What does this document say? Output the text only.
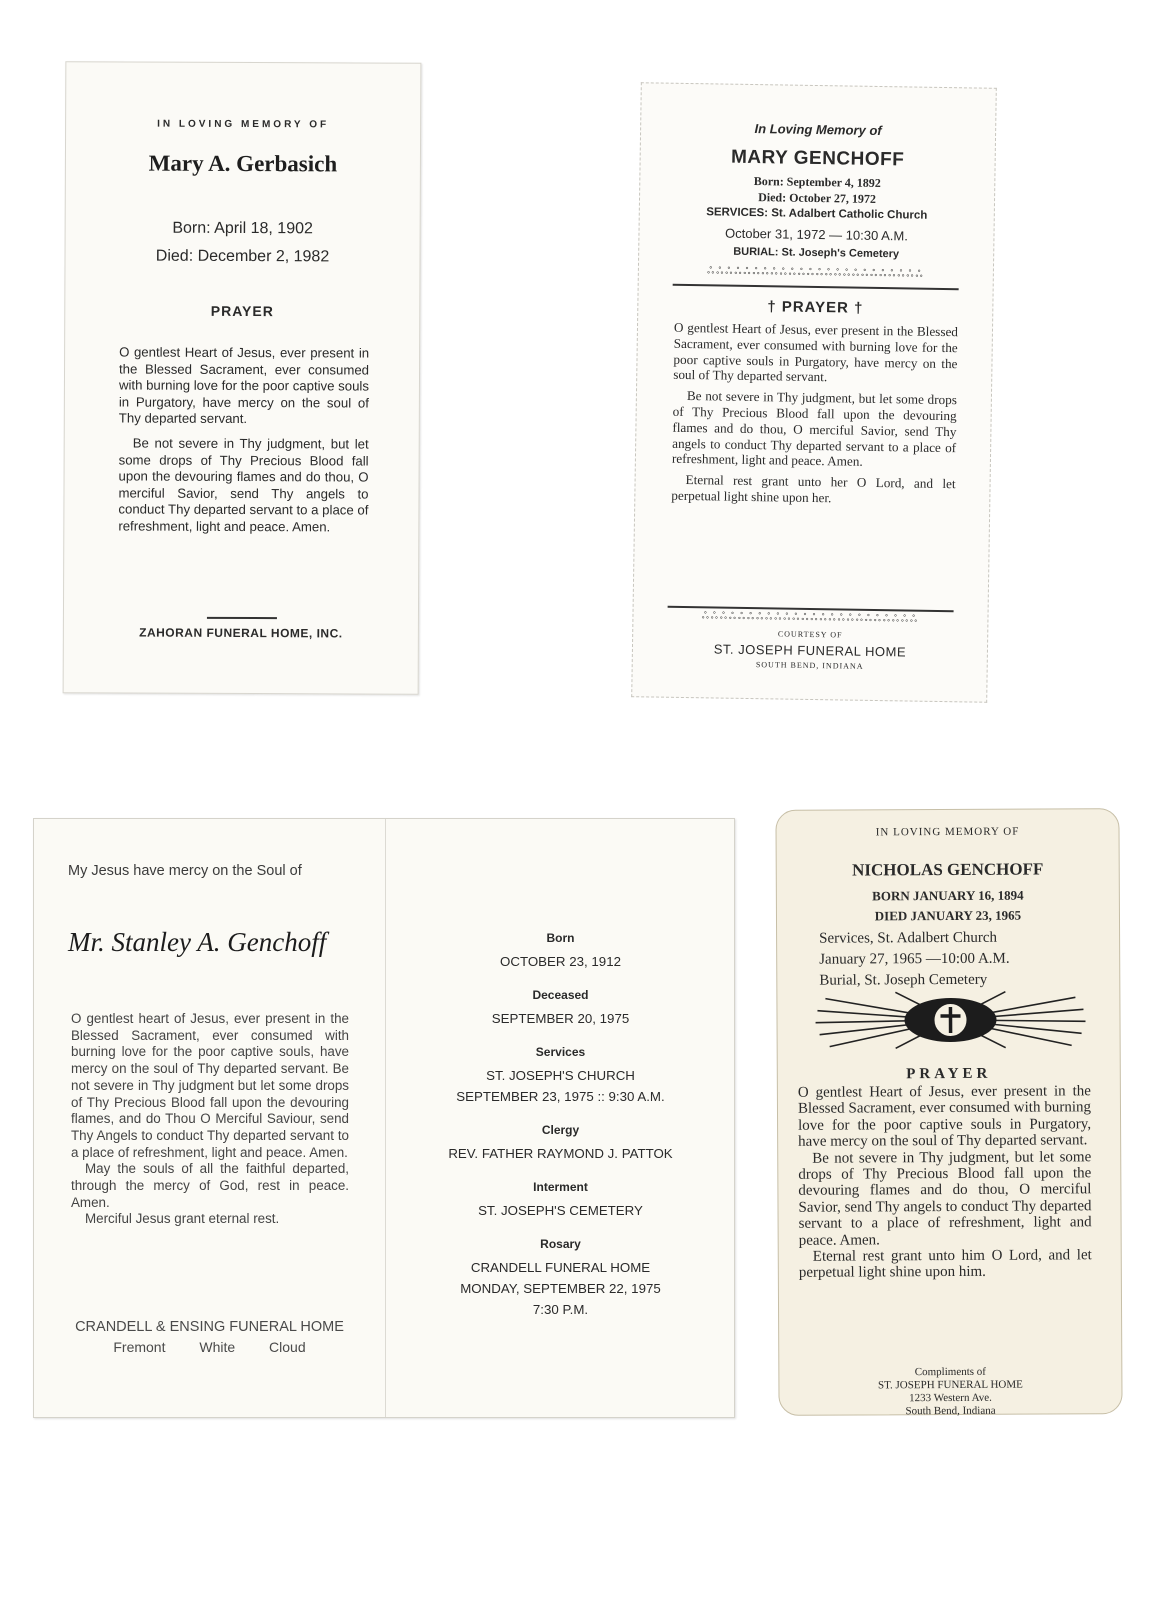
IN LOVING MEMORY OF
Mary A. Gerbasich
Born: April 18, 1902
Died: December 2, 1982
PRAYER

O gentlest Heart of Jesus, ever present in the Blessed Sacrament, ever consumed with burning love for the poor captive souls in Purgatory, have mercy on the soul of Thy departed servant.

Be not severe in Thy judgment, but let some drops of Thy Precious Blood fall upon the devouring flames and do thou, O merciful Savior, send Thy angels to conduct Thy departed servant to a place of refreshment, light and peace. Amen.

ZAHORAN FUNERAL HOME, INC.
In Loving Memory of
MARY GENCHOFF
Born: September 4, 1892
Died: October 27, 1972
SERVICES: St. Adalbert Catholic Church
October 31, 1972 — 10:30 A.M.
BURIAL: St. Joseph's Cemetery
ஃஃஃஃஃஃஃஃஃஃஃஃஃஃஃஃஃஃஃஃஃஃஃஃ
† PRAYER †

O gentlest Heart of Jesus, ever present in the Blessed Sacrament, ever consumed with burning love for the poor captive souls in Purgatory, have mercy on the soul of Thy departed servant.

Be not severe in Thy judgment, but let some drops of Thy Precious Blood fall upon the devouring flames and do thou, O merciful Savior, send Thy angels to conduct Thy departed servant to a place of refreshment, light and peace. Amen.

Eternal rest grant unto her O Lord, and let perpetual light shine upon her.

ஃஃஃஃஃஃஃஃஃஃஃஃஃஃஃஃஃஃஃஃஃஃஃஃ
COURTESY OF
ST. JOSEPH FUNERAL HOME
SOUTH BEND, INDIANA
My Jesus have mercy on the Soul of
Mr. Stanley A. Genchoff

O gentlest heart of Jesus, ever present in the Blessed Sacrament, ever consumed with burning love for the poor captive souls, have mercy on the soul of Thy departed servant. Be not severe in Thy judgment but let some drops of Thy Precious Blood fall upon the devouring flames, and do Thou O Merciful Saviour, send Thy Angels to conduct Thy departed servant to a place of refreshment, light and peace. Amen.

May the souls of all the faithful departed, through the mercy of God, rest in peace. Amen.

Merciful Jesus grant eternal rest.

CRANDELL & ENSING FUNERAL HOME
Fremont White Cloud
Born
OCTOBER 23, 1912
Deceased
SEPTEMBER 20, 1975
Services
ST. JOSEPH'S CHURCH
SEPTEMBER 23, 1975 :: 9:30 A.M.
Clergy
REV. FATHER RAYMOND J. PATTOK
Interment
ST. JOSEPH'S CEMETERY
Rosary
CRANDELL FUNERAL HOME
MONDAY, SEPTEMBER 22, 1975
7:30 P.M.
IN LOVING MEMORY OF
NICHOLAS GENCHOFF
BORN JANUARY 16, 1894
DIED JANUARY 23, 1965
Services, St. Adalbert Church
January 27, 1965 —10:00 A.M.
Burial, St. Joseph Cemetery
PRAYER

O gentlest Heart of Jesus, ever present in the Blessed Sacrament, ever consumed with burning love for the poor captive souls in Purgatory, have mercy on the soul of Thy departed servant.

Be not severe in Thy judgment, but let some drops of Thy Precious Blood fall upon the devouring flames and do thou, O merciful Savior, send Thy angels to conduct Thy departed servant to a place of refreshment, light and peace. Amen.

Eternal rest grant unto him O Lord, and let perpetual light shine upon him.

Compliments of
ST. JOSEPH FUNERAL HOME
1233 Western Ave.
South Bend, Indiana
